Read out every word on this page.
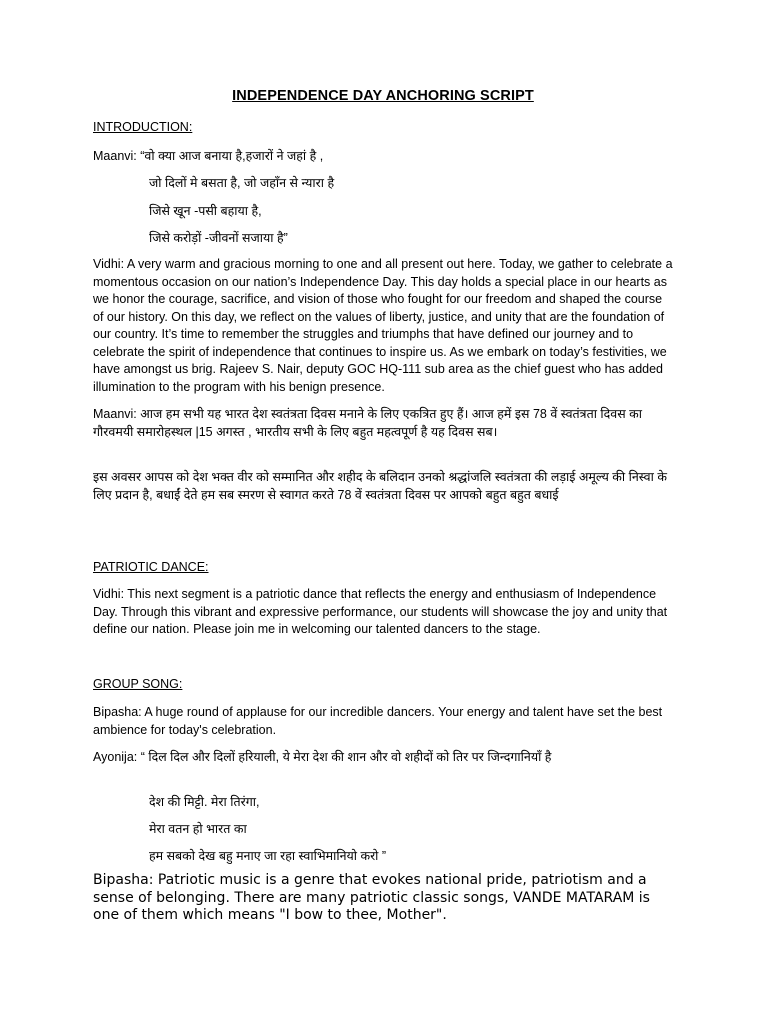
INDEPENDENCE DAY ANCHORING SCRIPT
INTRODUCTION:
Maanvi: “वो क्या आज बनाया है,हजारों ने जहां है ,
जो दिलों मे बसता है, जो जहाँन से न्यारा है
जिसे खून -पसी बहाया है,
जिसे करोड़ों -जीवनों सजाया है”
Vidhi: A very warm and gracious morning to one and all present out here. Today, we gather to celebrate a momentous occasion on our nation’s Independence Day. This day holds a special place in our hearts as we honor the courage, sacrifice, and vision of those who fought for our freedom and shaped the course of our history. On this day, we reflect on the values of liberty, justice, and unity that are the foundation of our country. It’s time to remember the struggles and triumphs that have defined our journey and to celebrate the spirit of independence that continues to inspire us. As we embark on today’s festivities, we have amongst us brig. Rajeev S. Nair, deputy GOC HQ-111 sub area as the chief guest who has added illumination to the program with his benign presence.
Maanvi: आज हम सभी यह भारत देश स्वतंत्रता दिवस मनाने के लिए एकत्रित हुए हैं। आज हमें इस 78 वें स्वतंत्रता दिवस का गौरवमयी समारोहस्थल |15 अगस्त , भारतीय सभी के लिए बहुत महत्वपूर्ण है यह दिवस सब।
इस अवसर आपस को देश भक्त वीर को सम्मानित और शहीद के बलिदान उनको श्रद्धांजलि स्वतंत्रता की लड़ाई अमूल्य की निस्वा के लिए प्रदान है, बधाईं देते हम सब स्मरण से स्वागत करते 78 वें स्वतंत्रता दिवस पर आपको बहुत बहुत बधाई
PATRIOTIC DANCE:
Vidhi: This next segment is a patriotic dance that reflects the energy and enthusiasm of Independence Day. Through this vibrant and expressive performance, our students will showcase the joy and unity that define our nation. Please join me in welcoming our talented dancers to the stage.
GROUP SONG:
Bipasha: A huge round of applause for our incredible dancers. Your energy and talent have set the best ambience for today's celebration.
Ayonija: “ दिल दिल और दिलों हरियाली, ये मेरा देश की शान और वो शहीदों को तिर पर जिन्दगानियाँ है
देश की मिट्टी. मेरा तिरंगा,
मेरा वतन हो भारत का
हम सबको देख बहु मनाए जा रहा स्वाभिमानियो करो ”
Bipasha: Patriotic music is a genre that evokes national pride, patriotism and a sense of belonging. There are many patriotic classic songs, VANDE MATARAM is one of them which means "I bow to thee, Mother".
